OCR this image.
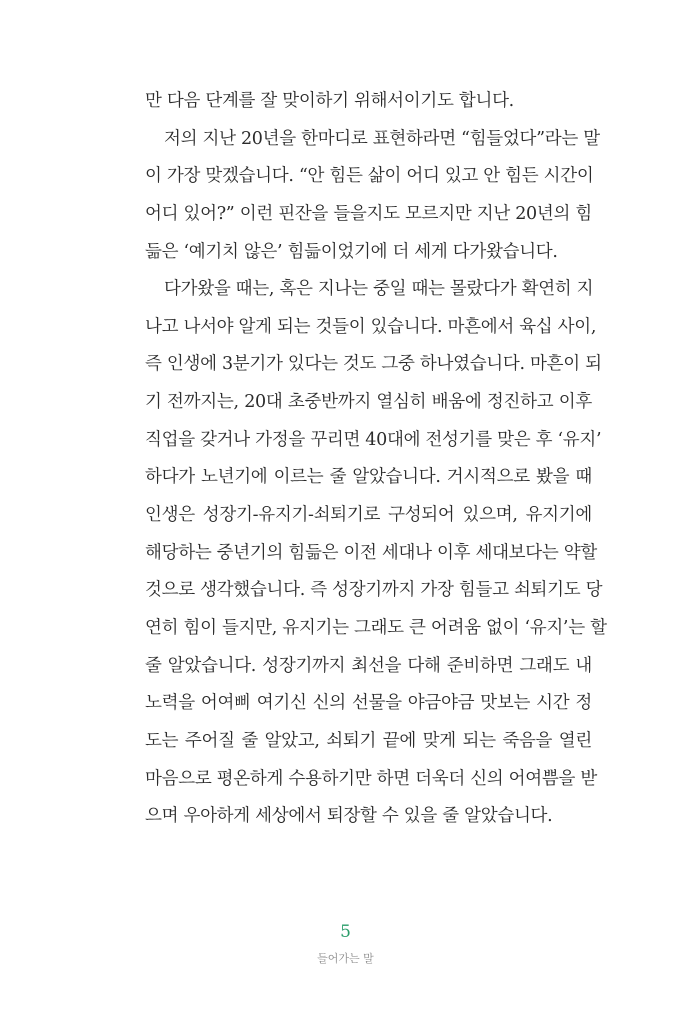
만 다음 단계를 잘 맞이하기 위해서이기도 합니다.
저의 지난 20년을 한마디로 표현하라면 “힘들었다”라는 말
이 가장 맞겠습니다. “안 힘든 삶이 어디 있고 안 힘든 시간이
어디 있어?” 이런 핀잔을 들을지도 모르지만 지난 20년의 힘
듦은 ‘예기치 않은’ 힘듦이었기에 더 세게 다가왔습니다.
다가왔을 때는, 혹은 지나는 중일 때는 몰랐다가 확연히 지
나고 나서야 알게 되는 것들이 있습니다. 마흔에서 육십 사이,
즉 인생에 3분기가 있다는 것도 그중 하나였습니다. 마흔이 되
기 전까지는, 20대 초중반까지 열심히 배움에 정진하고 이후
직업을 갖거나 가정을 꾸리면 40대에 전성기를 맞은 후 ‘유지’
하다가 노년기에 이르는 줄 알았습니다. 거시적으로 봤을 때
인생은 성장기-유지기-쇠퇴기로 구성되어 있으며, 유지기에
해당하는 중년기의 힘듦은 이전 세대나 이후 세대보다는 약할
것으로 생각했습니다. 즉 성장기까지 가장 힘들고 쇠퇴기도 당
연히 힘이 들지만, 유지기는 그래도 큰 어려움 없이 ‘유지’는 할
줄 알았습니다. 성장기까지 최선을 다해 준비하면 그래도 내
노력을 어여삐 여기신 신의 선물을 야금야금 맛보는 시간 정
도는 주어질 줄 알았고, 쇠퇴기 끝에 맞게 되는 죽음을 열린
마음으로 평온하게 수용하기만 하면 더욱더 신의 어여쁨을 받
으며 우아하게 세상에서 퇴장할 수 있을 줄 알았습니다.
5
들어가는 말
